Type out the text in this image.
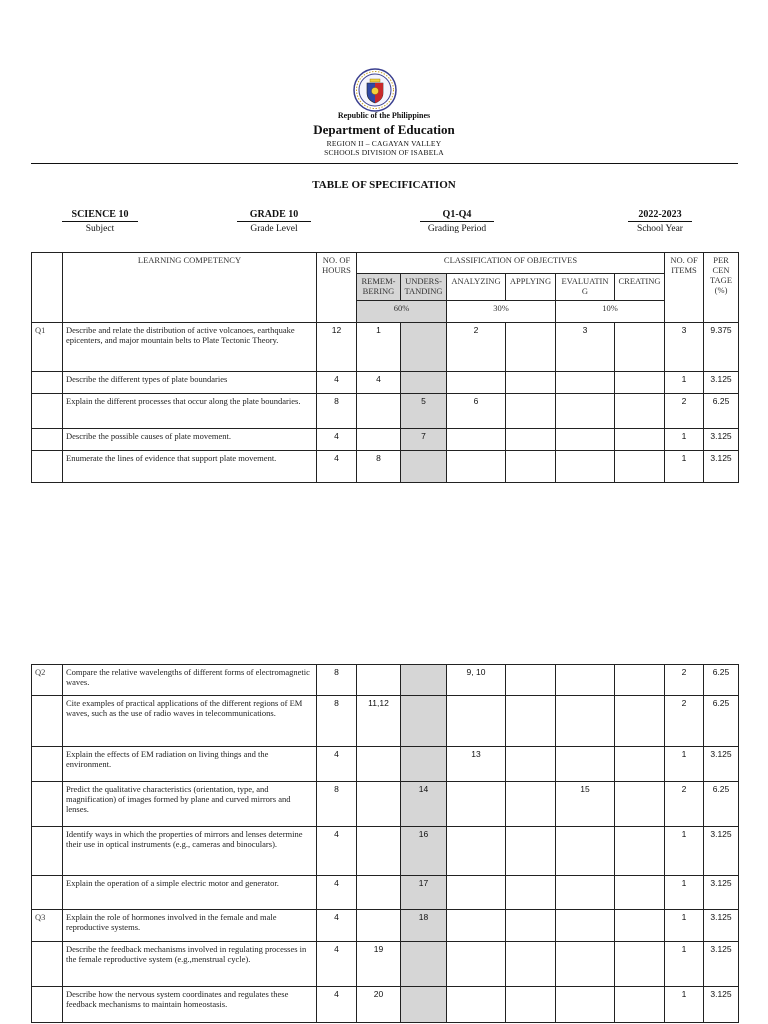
Republic of the Philippines
Department of Education
REGION II – CAGAYAN VALLEY
SCHOOLS DIVISION OF ISABELA
TABLE OF SPECIFICATION
SCIENCE 10
Subject
GRADE 10
Grade Level
Q1-Q4
Grading Period
2022-2023
School Year
	LEARNING COMPETENCY	NO. OF HOURS	CLASSIFICATION OF OBJECTIVES						NO. OF ITEMS	PER CEN TAGE (%)
			REMEM-BERING	UNDERS-TANDING	ANALYZING	APPLYING	EVALUATIN G	CREATING		
			60%		30%		10%			
Q1	Describe and relate the distribution of active volcanoes, earthquake epicenters, and major mountain belts to Plate Tectonic Theory.	12	1		2		3		3	9.375
	Describe the different types of plate boundaries	4	4						1	3.125
	Explain the different processes that occur along the plate boundaries.	8		5	6				2	6.25
	Describe the possible causes of plate movement.	4		7					1	3.125
	Enumerate the lines of evidence that support plate movement.	4	8						1	3.125
Q2	Compare the relative wavelengths of different forms of electromagnetic waves.	8			9, 10				2	6.25
	Cite examples of practical applications of the different regions of EM waves, such as the use of radio waves in telecommunications.	8	11,12						2	6.25
	Explain the effects of EM radiation on living things and the environment.	4			13				1	3.125
	Predict the qualitative characteristics (orientation, type, and magnification) of images formed by plane and curved mirrors and lenses.	8		14			15		2	6.25
	Identify ways in which the properties of mirrors and lenses determine their use in optical instruments (e.g., cameras and binoculars).	4		16					1	3.125
	Explain the operation of a simple electric motor and generator.	4		17					1	3.125
Q3	Explain the role of hormones involved in the female and male reproductive systems.	4		18					1	3.125
	Describe the feedback mechanisms involved in regulating processes in the female reproductive system (e.g.,menstrual cycle).	4	19						1	3.125
	Describe how the nervous system coordinates and regulates these feedback mechanisms to maintain homeostasis.	4	20						1	3.125
